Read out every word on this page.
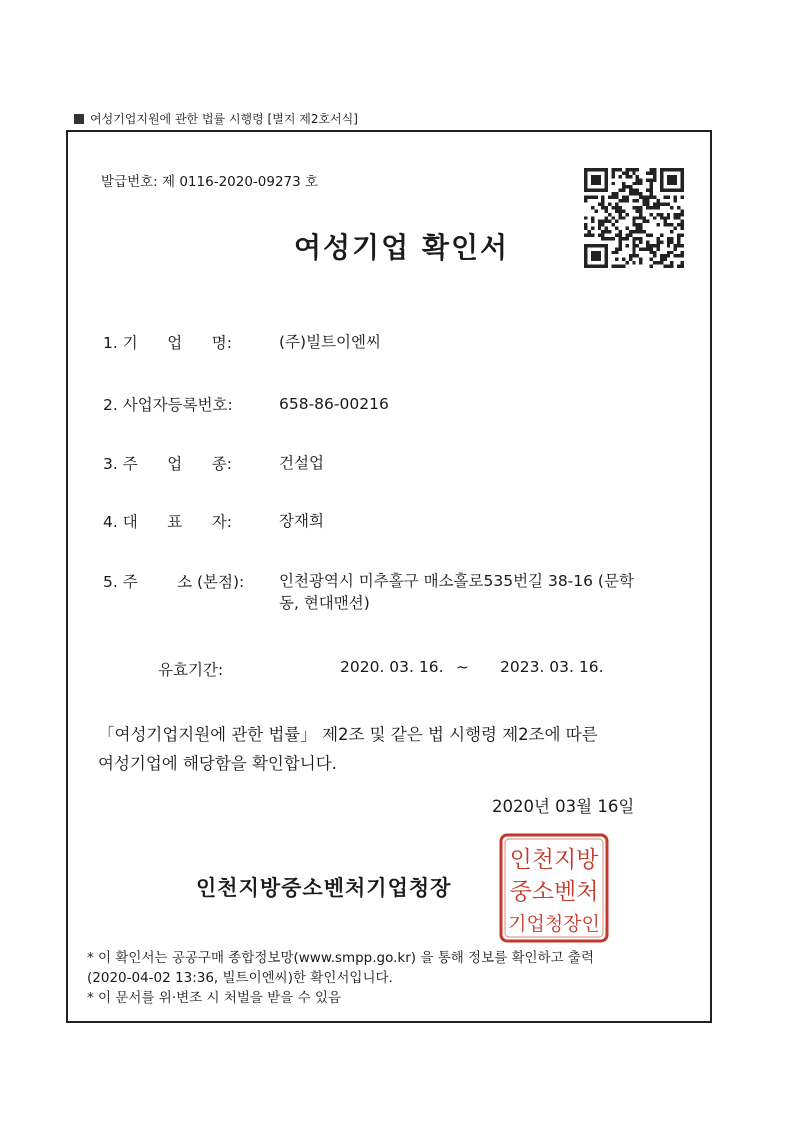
여성기업지원에 관한 법률 시행령 [별지 제2호서식]
발급번호: 제 0116-2020-09273 호
여성기업 확인서
1. 기      업      명:	(주)빌트이엔씨
2. 사업자등록번호:	658-86-00216
3. 주      업      종:	건설업
4. 대      표      자:	장재희
5. 주        소 (본점):	인천광역시 미추홀구 매소홀로535번길 38-16 (문학
동, 현대맨션)
유효기간:	2020. 03. 16. ~ 2023. 03. 16.
「여성기업지원에 관한 법률」 제2조 및 같은 법 시행령 제2조에 따른
여성기업에 해당함을 확인합니다.
2020년 03월 16일
인천지방중소벤처기업청장
인천지방
중소벤처
기업청장인
* 이 확인서는 공공구매 종합정보망(www.smpp.go.kr) 을 통해 정보를 확인하고 출력
(2020-04-02 13:36, 빌트이엔씨)한 확인서입니다.
* 이 문서를 위·변조 시 처벌을 받을 수 있음
